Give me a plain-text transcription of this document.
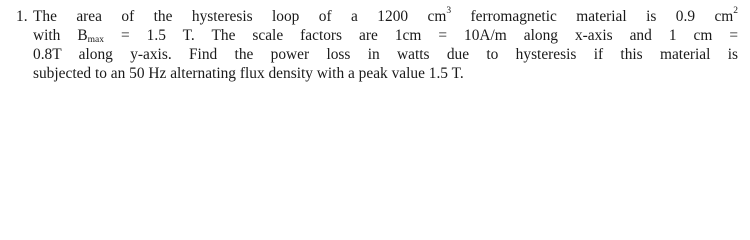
1. The area of the hysteresis loop of a 1200 $cm^3$ ferromagnetic material is 0.9 $cm^2$
with $B_{max} = 1.5$ T. The scale factors are 1cm = 10A/m along x-axis and 1 cm =
0.8T along y-axis. Find the power loss in watts due to hysteresis if this material is
subjected to an 50 Hz alternating flux density with a peak value 1.5 T.
